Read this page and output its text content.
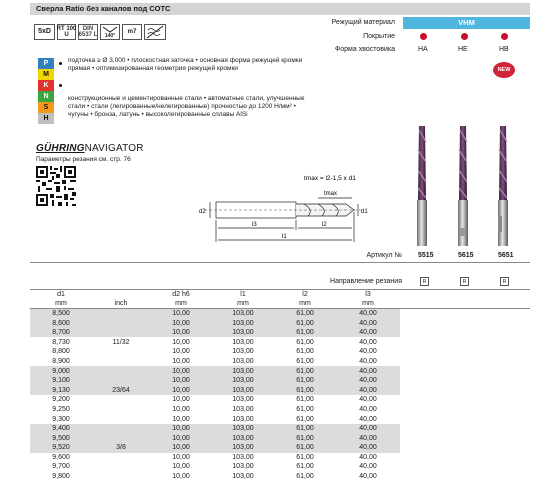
Сверла Ratio без каналов под СОТС
5xD RT 100
U
DIN
6537 L 140°
m7
P
M
K
N
S
H
подточка ≥ Ø 3,000 • плоскостная заточка • основная форма режущей кромки прямая • оптимизированная геометрия режущей кромки
конструкционные и цементированные стали • автоматные стали, улучшенные стали • стали (легированные/нелегированные) прочностью до 1200 Н/мм² • чугуны • бронза, латунь • высоколегированные сплавы AlSi
Режущий материал	VHM
Покрытие
Форма хвостовика	HA	HE	HB
NEW
GÜHRINGNAVIGATOR
Параметры резания см. стр. 76
d2	d1
l3	l2
l1
tmax
tmax = l2-1,5 x d1
Артикул № 5515	5615	5651
Направление резания	R	R	R
d1		d2 h6	l1	l2	l3	
mm	inch	mm	mm	mm	mm	
8,500		10,00	103,00	61,00	40,00	
8,600		10,00	103,00	61,00	40,00	
8,700		10,00	103,00	61,00	40,00	
8,730	11/32	10,00	103,00	61,00	40,00	
8,800		10,00	103,00	61,00	40,00	
8,900		10,00	103,00	61,00	40,00	
9,000		10,00	103,00	61,00	40,00	
9,100		10,00	103,00	61,00	40,00	
9,130	23/64	10,00	103,00	61,00	40,00	
9,200		10,00	103,00	61,00	40,00	
9,250		10,00	103,00	61,00	40,00	
9,300		10,00	103,00	61,00	40,00	
9,400		10,00	103,00	61,00	40,00	
9,500		10,00	103,00	61,00	40,00	
9,520	3/8	10,00	103,00	61,00	40,00	
9,600		10,00	103,00	61,00	40,00	
9,700		10,00	103,00	61,00	40,00	
9,800		10,00	103,00	61,00	40,00	
